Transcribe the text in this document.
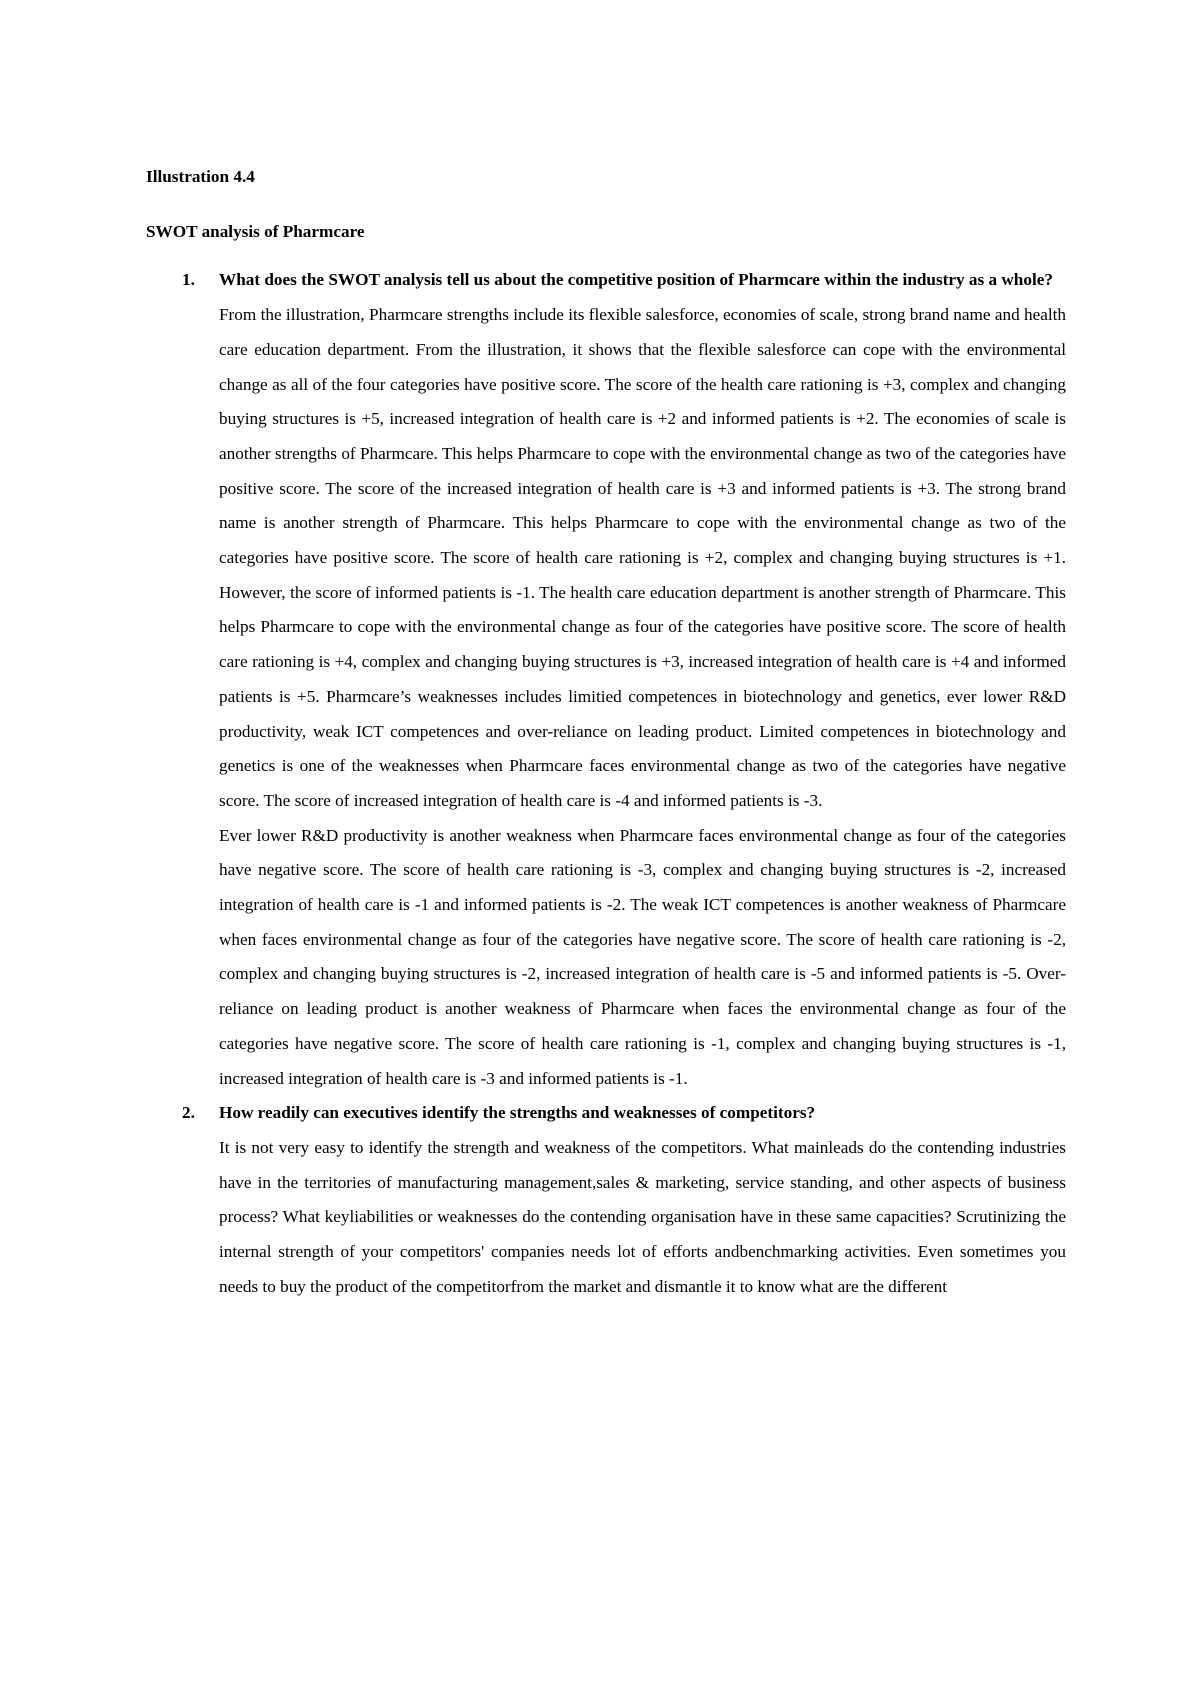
Illustration 4.4

SWOT analysis of Pharmcare

1. What does the SWOT analysis tell us about the competitive position of Pharmcare within the industry as a whole?

From the illustration, Pharmcare strengths include its flexible salesforce, economies of scale, strong brand name and health care education department. From the illustration, it shows that the flexible salesforce can cope with the environmental change as all of the four categories have positive score. The score of the health care rationing is +3, complex and changing buying structures is +5, increased integration of health care is +2 and informed patients is +2. The economies of scale is another strengths of Pharmcare. This helps Pharmcare to cope with the environmental change as two of the categories have positive score. The score of the increased integration of health care is +3 and informed patients is +3. The strong brand name is another strength of Pharmcare. This helps Pharmcare to cope with the environmental change as two of the categories have positive score. The score of health care rationing is +2, complex and changing buying structures is +1. However, the score of informed patients is -1. The health care education department is another strength of Pharmcare. This helps Pharmcare to cope with the environmental change as four of the categories have positive score. The score of health care rationing is +4, complex and changing buying structures is +3, increased integration of health care is +4 and informed patients is +5. Pharmcare’s weaknesses includes limitied competences in biotechnology and genetics, ever lower R&D productivity, weak ICT competences and over-reliance on leading product. Limited competences in biotechnology and genetics is one of the weaknesses when Pharmcare faces environmental change as two of the categories have negative score. The score of increased integration of health care is -4 and informed patients is -3.

Ever lower R&D productivity is another weakness when Pharmcare faces environmental change as four of the categories have negative score. The score of health care rationing is -3, complex and changing buying structures is -2, increased integration of health care is -1 and informed patients is -2. The weak ICT competences is another weakness of Pharmcare when faces environmental change as four of the categories have negative score. The score of health care rationing is -2, complex and changing buying structures is -2, increased integration of health care is -5 and informed patients is -5. Over-reliance on leading product is another weakness of Pharmcare when faces the environmental change as four of the categories have negative score. The score of health care rationing is -1, complex and changing buying structures is -1, increased integration of health care is -3 and informed patients is -1.

2. How readily can executives identify the strengths and weaknesses of competitors?

It is not very easy to identify the strength and weakness of the competitors. What mainleads do the contending industries have in the territories of manufacturing management,sales & marketing, service standing, and other aspects of business process? What keyliabilities or weaknesses do the contending organisation have in these same capacities? Scrutinizing the internal strength of your competitors' companies needs lot of efforts andbenchmarking activities. Even sometimes you needs to buy the product of the competitorfrom the market and dismantle it to know what are the different
